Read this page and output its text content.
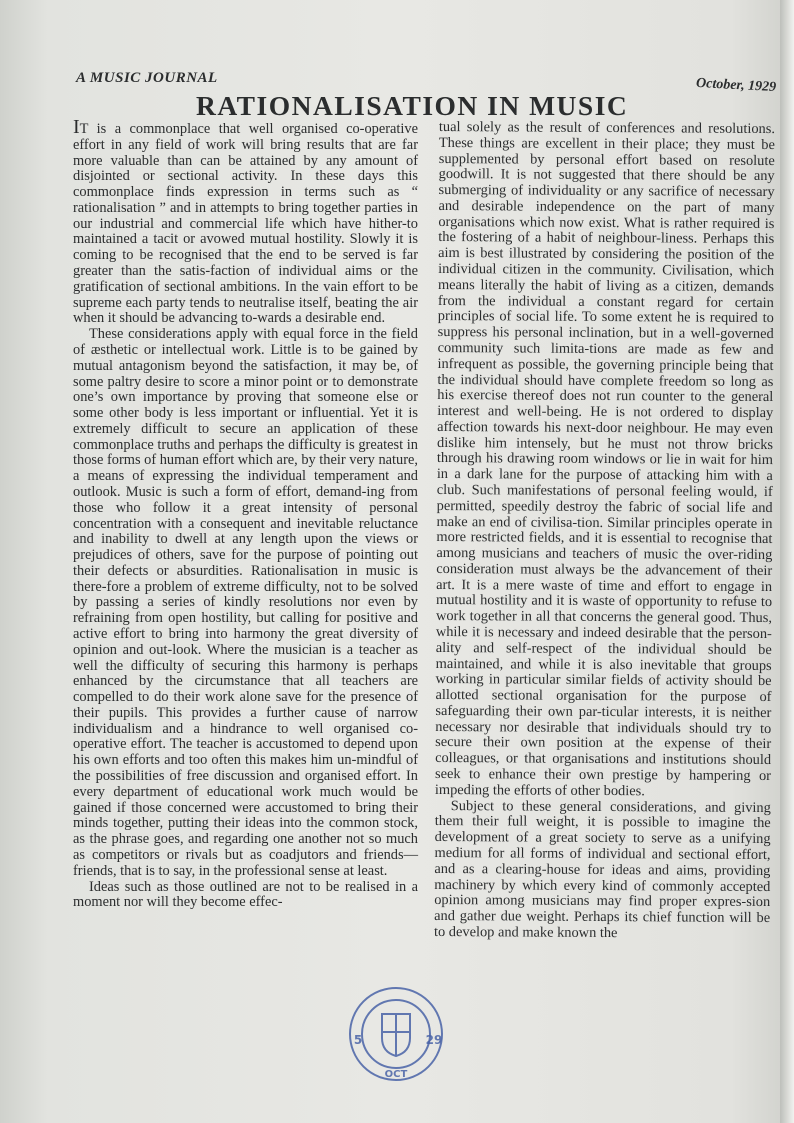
A MUSIC JOURNAL	October, 1929
RATIONALISATION IN MUSIC

IT is a commonplace that well organised co-operative effort in any field of work will bring results that are far more valuable than can be attained by any amount of disjointed or sectional activity. In these days this commonplace finds expression in terms such as “ rationalisation ” and in attempts to bring together parties in our industrial and commercial life which have hither-to maintained a tacit or avowed mutual hostility. Slowly it is coming to be recognised that the end to be served is far greater than the satis-faction of individual aims or the gratification of sectional ambitions. In the vain effort to be supreme each party tends to neutralise itself, beating the air when it should be advancing to-wards a desirable end.

These considerations apply with equal force in the field of æsthetic or intellectual work. Little is to be gained by mutual antagonism beyond the satisfaction, it may be, of some paltry desire to score a minor point or to demonstrate one’s own importance by proving that someone else or some other body is less important or influential. Yet it is extremely difficult to secure an application of these commonplace truths and perhaps the difficulty is greatest in those forms of human effort which are, by their very nature, a means of expressing the individual temperament and outlook. Music is such a form of effort, demand-ing from those who follow it a great intensity of personal concentration with a consequent and inevitable reluctance and inability to dwell at any length upon the views or prejudices of others, save for the purpose of pointing out their defects or absurdities. Rationalisation in music is there-fore a problem of extreme difficulty, not to be solved by passing a series of kindly resolutions nor even by refraining from open hostility, but calling for positive and active effort to bring into harmony the great diversity of opinion and out-look. Where the musician is a teacher as well the difficulty of securing this harmony is perhaps enhanced by the circumstance that all teachers are compelled to do their work alone save for the presence of their pupils. This provides a further cause of narrow individualism and a hindrance to well organised co-operative effort. The teacher is accustomed to depend upon his own efforts and too often this makes him un-mindful of the possibilities of free discussion and organised effort. In every department of educational work much would be gained if those concerned were accustomed to bring their minds together, putting their ideas into the common stock, as the phrase goes, and regarding one another not so much as competitors or rivals but as coadjutors and friends—friends, that is to say, in the professional sense at least.

Ideas such as those outlined are not to be realised in a moment nor will they become effec-

tual solely as the result of conferences and resolutions. These things are excellent in their place; they must be supplemented by personal effort based on resolute goodwill. It is not suggested that there should be any submerging of individuality or any sacrifice of necessary and desirable independence on the part of many organisations which now exist. What is rather required is the fostering of a habit of neighbour-liness. Perhaps this aim is best illustrated by considering the position of the individual citizen in the community. Civilisation, which means literally the habit of living as a citizen, demands from the individual a constant regard for certain principles of social life. To some extent he is required to suppress his personal inclination, but in a well-governed community such limita-tions are made as few and infrequent as possible, the governing principle being that the individual should have complete freedom so long as his exercise thereof does not run counter to the general interest and well-being. He is not ordered to display affection towards his next-door neighbour. He may even dislike him intensely, but he must not throw bricks through his drawing room windows or lie in wait for him in a dark lane for the purpose of attacking him with a club. Such manifestations of personal feeling would, if permitted, speedily destroy the fabric of social life and make an end of civilisa-tion. Similar principles operate in more restricted fields, and it is essential to recognise that among musicians and teachers of music the over-riding consideration must always be the advancement of their art. It is a mere waste of time and effort to engage in mutual hostility and it is waste of opportunity to refuse to work together in all that concerns the general good. Thus, while it is necessary and indeed desirable that the person-ality and self-respect of the individual should be maintained, and while it is also inevitable that groups working in particular similar fields of activity should be allotted sectional organisation for the purpose of safeguarding their own par-ticular interests, it is neither necessary nor desirable that individuals should try to secure their own position at the expense of their colleagues, or that organisations and institutions should seek to enhance their own prestige by hampering or impeding the efforts of other bodies.

Subject to these general considerations, and giving them their full weight, it is possible to imagine the development of a great society to serve as a unifying medium for all forms of individual and sectional effort, and as a clearing-house for ideas and aims, providing machinery by which every kind of commonly accepted opinion among musicians may find proper expres-sion and gather due weight. Perhaps its chief function will be to develop and make known the

5	29
OCT
